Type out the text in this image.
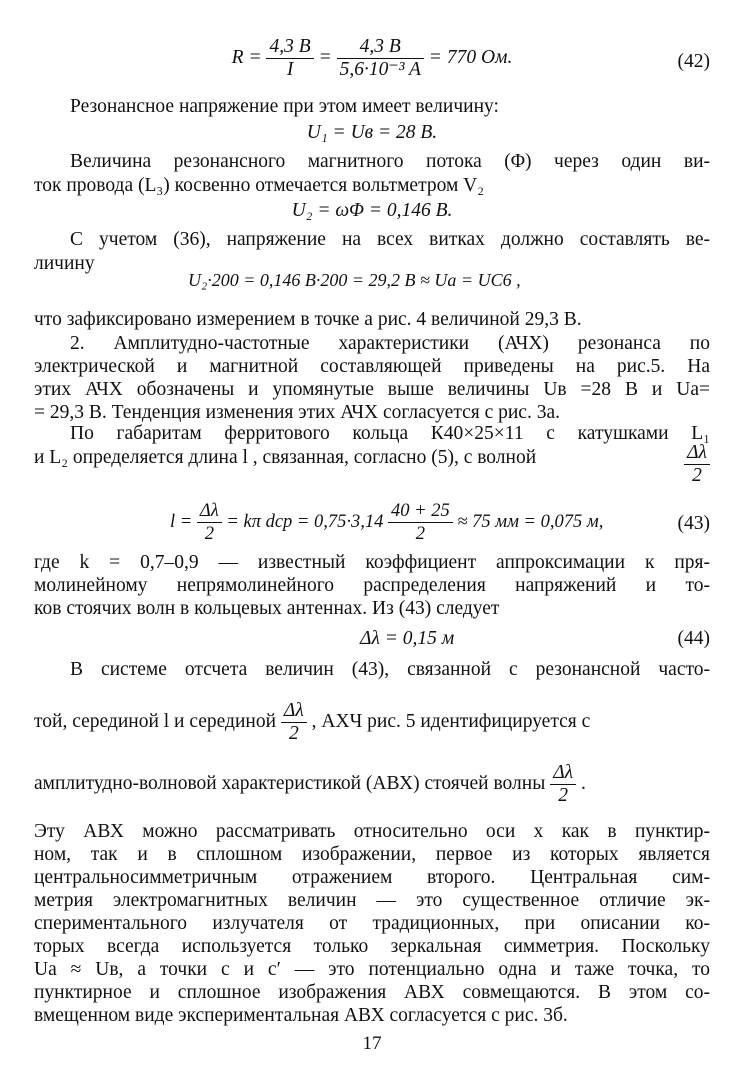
$R = \frac{4,3 B}{I} = \frac{4,3 B}{\text{5,6·10⁻³ A}} = 770$ Ом.	(42)
Резонансное напряжение при этом имеет величину:
U₁ = Uв = 28 В.
Величина резонансного магнитного потока (Φ) через один ви-
ток провода (L₃) косвенно отмечается вольтметром V₂
U₂ = ωΦ = 0,146 В.
С учетом (36), напряжение на всех витках должно составлять ве-
личину
U₂·200 = 0,146 B·200 = 29,2 B ≈ Uа = UC6 ,
что зафиксировано измерением в точке а рис. 4 величиной 29,3 В.
2. Амплитудно-частотные характеристики (АЧХ) резонанса по
электрической и магнитной составляющей приведены на рис.5. На
этих АЧХ обозначены и упомянутые выше величины Uв =28 В и Uа=
= 29,3 В. Тенденция изменения этих АЧХ согласуется с рис. 3а.
По габаритам ферритового кольца К40×25×11 с катушками L₁
и L₂ определяется длина l , связанная, согласно (5), с волной	$\frac{\Delta\lambda}{2}$
$l = \frac{\Delta\lambda}{2} = k\pi$ dср = $0,75\cdot 3,14 \frac{40 + 25}{2} \approx 75$ мм = 0,075 м,	(43)
где k = 0,7–0,9 — известный коэффициент аппроксимации к пря-
молинейному непрямолинейного распределения напряжений и то-
ков стоячих волн в кольцевых антеннах. Из (43) следует
Δλ = 0,15 м	(44)
В системе отсчета величин (43), связанной с резонансной часто-
той, серединой l и серединой $\frac{\Delta\lambda}{2}$ , АХЧ рис. 5 идентифицируется с
амплитудно-волновой характеристикой (АВХ) стоячей волны $\frac{\Delta\lambda}{2}$ .
Эту АВХ можно рассматривать относительно оси x как в пунктир-
ном, так и в сплошном изображении, первое из которых является
центральносимметричным отражением второго. Центральная сим-
метрия электромагнитных величин — это существенное отличие эк-
спериментального излучателя от традиционных, при описании ко-
торых всегда используется только зеркальная симметрия. Поскольку
Uа ≈ Uв, а точки с и с′ — это потенциально одна и таже точка, то
пунктирное и сплошное изображения АВХ совмещаются. В этом со-
вмещенном виде экспериментальная АВХ согласуется с рис. 3б.
17
